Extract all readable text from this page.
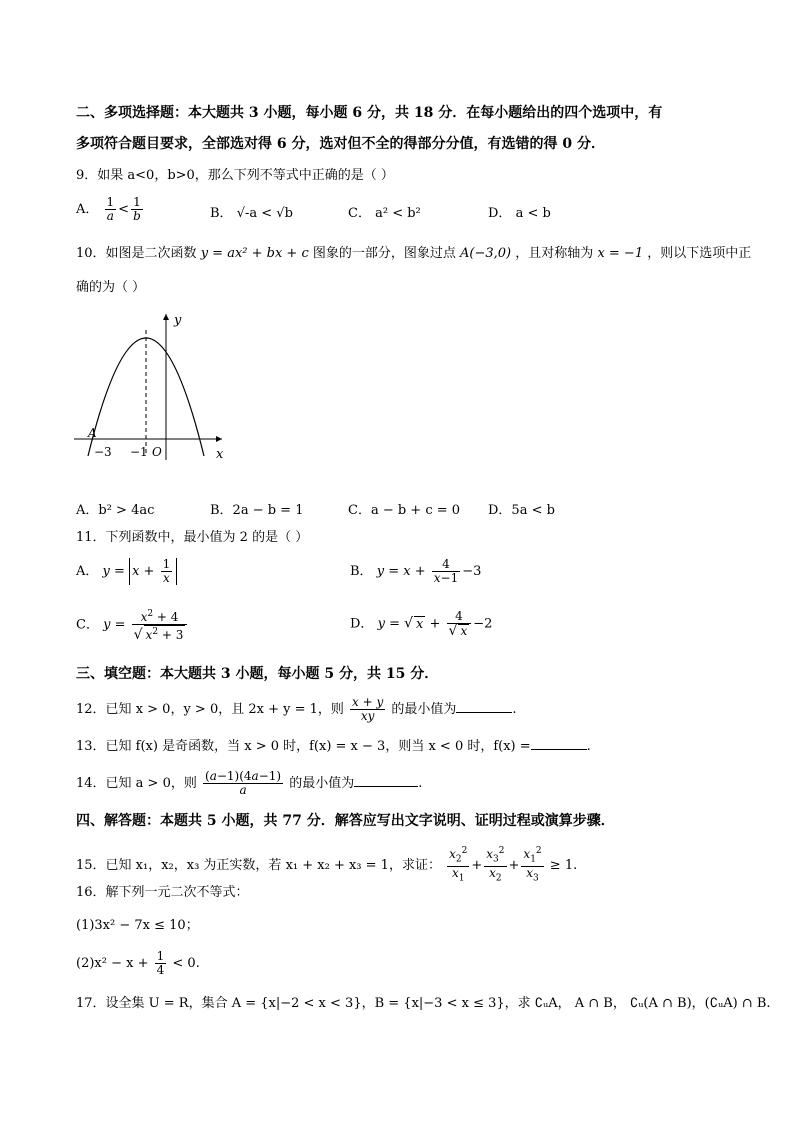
二、多项选择题：本大题共 3 小题，每小题 6 分，共 18 分．在每小题给出的四个选项中，有
多项符合题目要求，全部选对得 6 分，选对但不全的得部分分值，有选错的得 0 分．
9．如果 a<0，b>0，那么下列不等式中正确的是（ ）
A． $\frac{1}{a} < \frac{1}{b}$	B． √-a < √b	C． a² < b²	D． a < b
10．如图是二次函数 y = ax² + bx + c 图象的一部分，图象过点 A(−3,0) ，且对称轴为 x = −1 ，则以下选项中正
确的为（ ）
y
x
A
−3 −1 O
A．b² > 4ac	B．2a − b = 1	C．a − b + c = 0 D．5a < b
11．下列函数中，最小值为 2 的是（ ）
A． $y = x + \frac{1}{x}$	B． $y = x + \frac{4}{x-1} -3$
C． $y = \frac{x^2 + 4}{√ x^2 + 3}$	D． y = √ $x + \frac{4}{√ x} -2$
三、填空题：本大题共 3 小题，每小题 5 分，共 15 分．
12．已知 x > 0，y > 0，且 2x + y = 1，则 $\frac{x + y}{xy}$ 的最小值为	.
13．已知 f(x) 是奇函数，当 x > 0 时，f(x) = x − 3，则当 x < 0 时，f(x) =	.
14．已知 a > 0，则 $\frac{(a-1)(4a-1)}{a}$ 的最小值为	.
四、解答题：本题共 5 小题，共 77 分．解答应写出文字说明、证明过程或演算步骤．
15．已知 x₁，x₂，x₃ 为正实数，若 x₁ + x₂ + x₃ = 1，求证： $\frac{x_2^2}{x_1} + \frac{x_3^2}{x_2} + \frac{x_1^2}{x_3} \ge 1$.
16．解下列一元二次不等式：
(1)3x² − 7x ≤ 10；
$(2)x^2 - x + \frac{1}{4} < 0$.
17．设全集 U = R，集合 A = {x|−2 < x < 3}，B = {x|−3 < x ≤ 3}，求 ∁ᵤA， A ∩ B， ∁ᵤ(A ∩ B)，(∁ᵤA) ∩ B.
